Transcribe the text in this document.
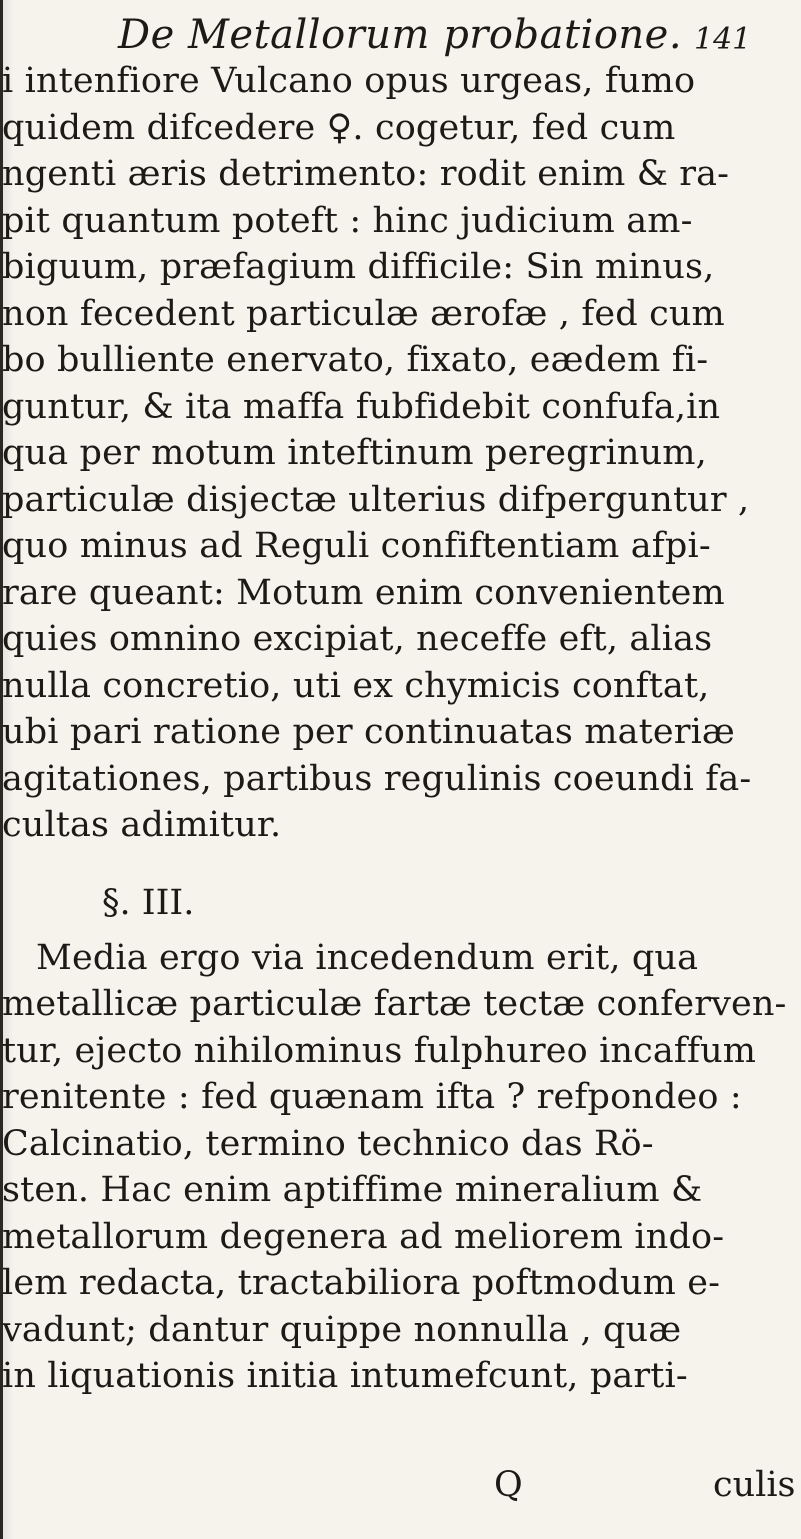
De Metallorum probatione. 141
i intenfiore Vulcano opus urgeas, fumo
quidem difcedere ♀. cogetur, fed cum
ngenti æris detrimento: rodit enim & ra-
pit quantum poteft : hinc judicium am-
biguum, præfagium difficile: Sin minus,
non fecedent particulæ ærofæ , fed cum
bo bulliente enervato, fixato, eædem fi-
guntur, & ita maffa fubfidebit confufa,in
qua per motum inteftinum peregrinum,
particulæ disjectæ ulterius difperguntur ,
quo minus ad Reguli confiftentiam afpi-
rare queant: Motum enim convenientem
quies omnino excipiat, neceffe eft, alias
nulla concretio, uti ex chymicis conftat,
ubi pari ratione per continuatas materiæ
agitationes, partibus regulinis coeundi fa-
cultas adimitur.
§. III.
Media ergo via incedendum erit, qua
metallicæ particulæ fartæ tectæ conferven-
tur, ejecto nihilominus fulphureo incaffum
renitente : fed quænam ifta ? refpondeo :
Calcinatio, termino technico das Rö-
sten. Hac enim aptiffime mineralium &
metallorum degenera ad meliorem indo-
lem redacta, tractabiliora poftmodum e-
vadunt; dantur quippe nonnulla , quæ
in liquationis initia intumefcunt, parti-
Q	culis
